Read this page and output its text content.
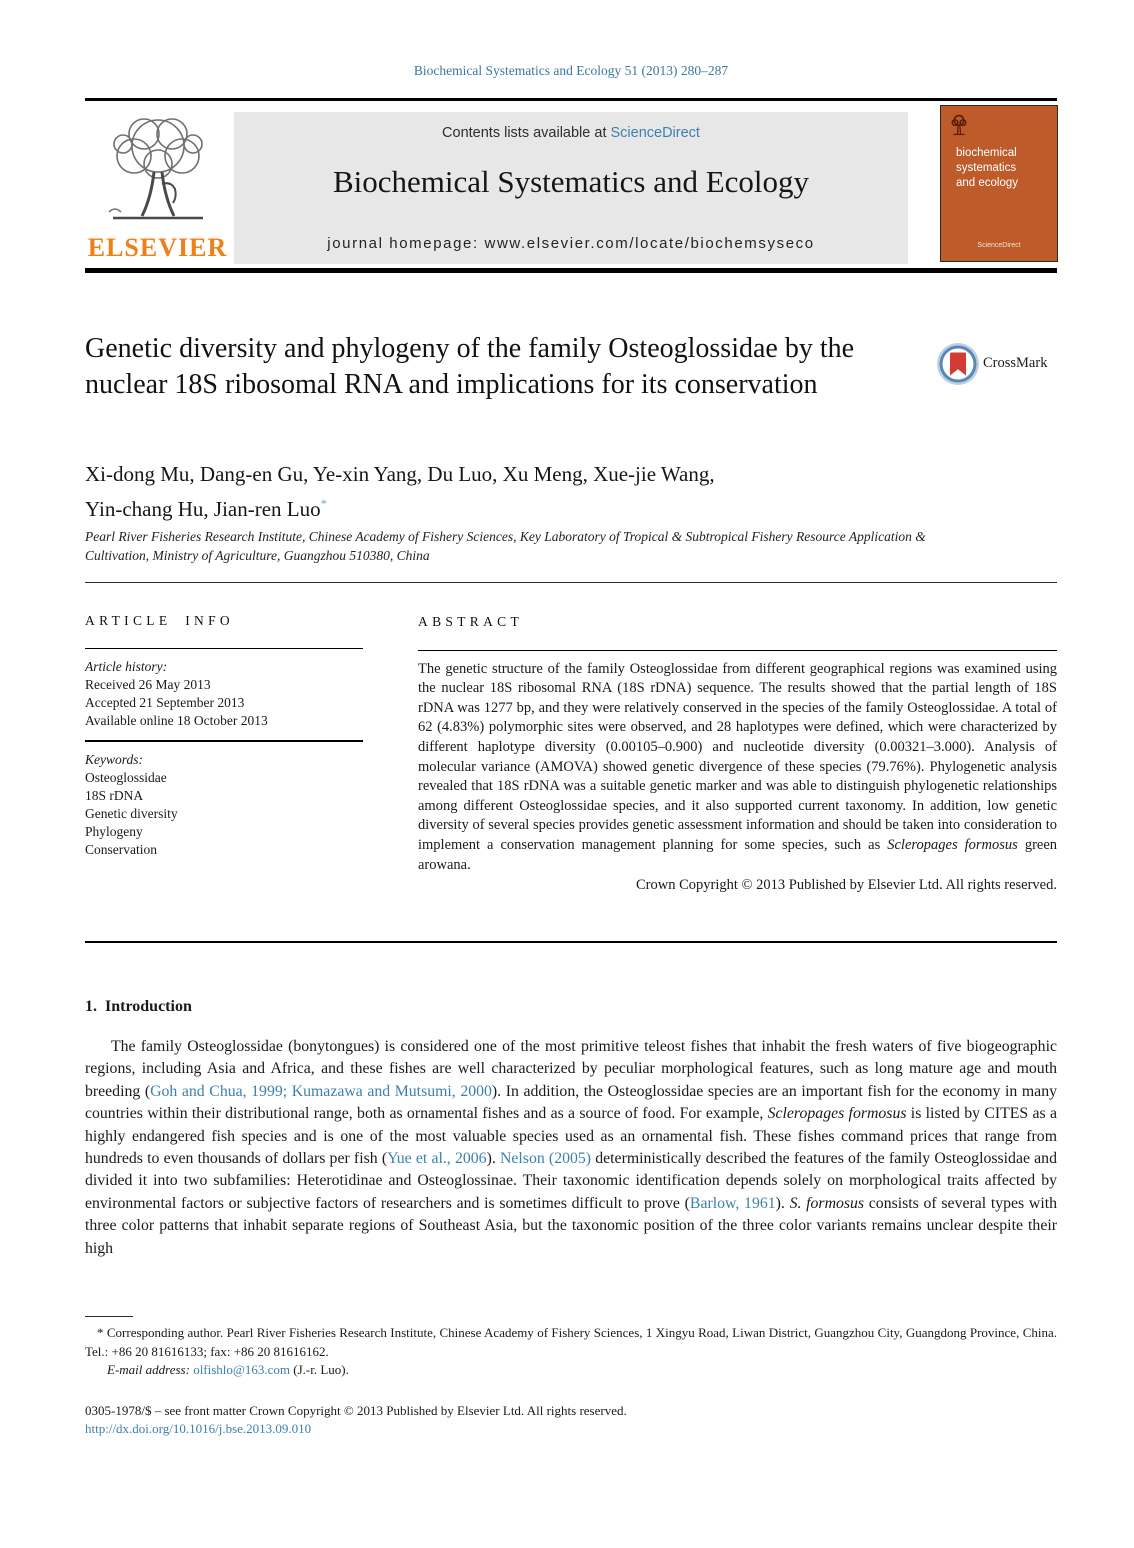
Biochemical Systematics and Ecology 51 (2013) 280–287
ELSEVIER
Contents lists available at ScienceDirect
Biochemical Systematics and Ecology
journal homepage: www.elsevier.com/locate/biochemsyseco
biochemical
systematics
and ecology
ScienceDirect
Genetic diversity and phylogeny of the family Osteoglossidae by the nuclear 18S ribosomal RNA and implications for its conservation
CrossMark
Xi-dong Mu, Dang-en Gu, Ye-xin Yang, Du Luo, Xu Meng, Xue-jie Wang,
Yin-chang Hu, Jian-ren Luo*
Pearl River Fisheries Research Institute, Chinese Academy of Fishery Sciences, Key Laboratory of Tropical & Subtropical Fishery Resource Application & Cultivation, Ministry of Agriculture, Guangzhou 510380, China
ARTICLE INFO
Article history:
Received 26 May 2013
Accepted 21 September 2013
Available online 18 October 2013
Keywords:
Osteoglossidae
18S rDNA
Genetic diversity
Phylogeny
Conservation
ABSTRACT
The genetic structure of the family Osteoglossidae from different geographical regions was examined using the nuclear 18S ribosomal RNA (18S rDNA) sequence. The results showed that the partial length of 18S rDNA was 1277 bp, and they were relatively conserved in the species of the family Osteoglossidae. A total of 62 (4.83%) polymorphic sites were observed, and 28 haplotypes were defined, which were characterized by different haplotype diversity (0.00105–0.900) and nucleotide diversity (0.00321–3.000). Analysis of molecular variance (AMOVA) showed genetic divergence of these species (79.76%). Phylogenetic analysis revealed that 18S rDNA was a suitable genetic marker and was able to distinguish phylogenetic relationships among different Osteoglossidae species, and it also supported current taxonomy. In addition, low genetic diversity of several species provides genetic assessment information and should be taken into consideration to implement a conservation management planning for some species, such as Scleropages formosus green arowana.
Crown Copyright © 2013 Published by Elsevier Ltd. All rights reserved.
1. Introduction
The family Osteoglossidae (bonytongues) is considered one of the most primitive teleost fishes that inhabit the fresh waters of five biogeographic regions, including Asia and Africa, and these fishes are well characterized by peculiar morphological features, such as long mature age and mouth breeding (Goh and Chua, 1999; Kumazawa and Mutsumi, 2000). In addition, the Osteoglossidae species are an important fish for the economy in many countries within their distributional range, both as ornamental fishes and as a source of food. For example, Scleropages formosus is listed by CITES as a highly endangered fish species and is one of the most valuable species used as an ornamental fish. These fishes command prices that range from hundreds to even thousands of dollars per fish (Yue et al., 2006). Nelson (2005) deterministically described the features of the family Osteoglossidae and divided it into two subfamilies: Heterotidinae and Osteoglossinae. Their taxonomic identification depends solely on morphological traits affected by environmental factors or subjective factors of researchers and is sometimes difficult to prove (Barlow, 1961). S. formosus consists of several types with three color patterns that inhabit separate regions of Southeast Asia, but the taxonomic position of the three color variants remains unclear despite their high
* Corresponding author. Pearl River Fisheries Research Institute, Chinese Academy of Fishery Sciences, 1 Xingyu Road, Liwan District, Guangzhou City, Guangdong Province, China. Tel.: +86 20 81616133; fax: +86 20 81616162.
E-mail address: olfishlo@163.com (J.-r. Luo).
0305-1978/$ – see front matter Crown Copyright © 2013 Published by Elsevier Ltd. All rights reserved.
http://dx.doi.org/10.1016/j.bse.2013.09.010
